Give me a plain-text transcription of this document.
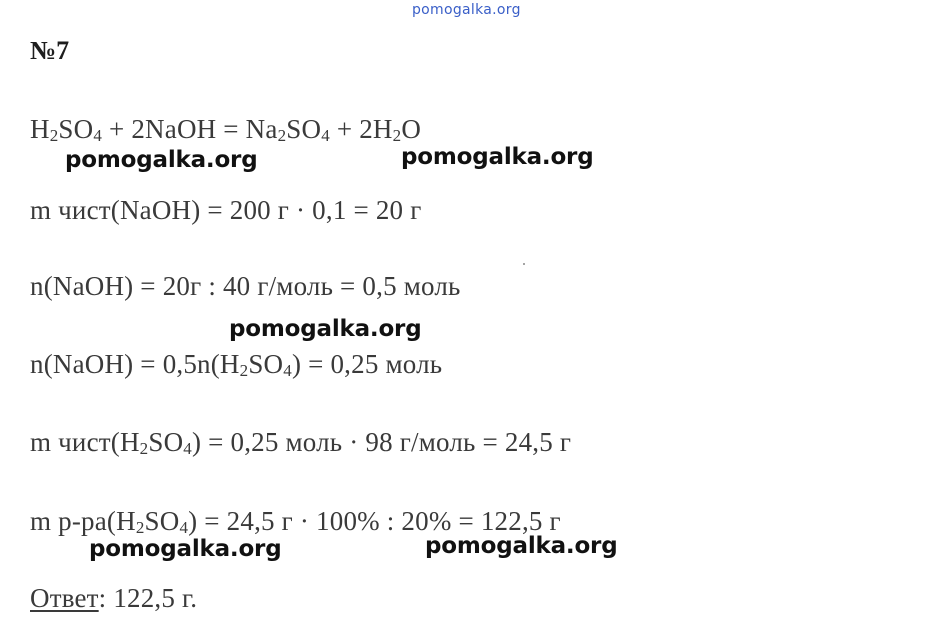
pomogalka.org
№7
$H_2SO_4$ + 2NaOH = $Na_2SO_4 + 2H_2O$
pomogalka.org	pomogalka.org
m чист(NaOH) = 200 г · 0,1 = 20 г
n(NaOH) = 20г : 40 г/моль = 0,5 моль
pomogalka.org
n(NaOH) = $0,5n(H_2SO_4) = 0,25$ моль
m $чист(H_2SO_4) = 0,25$ моль · 98 г/моль = 24,5 г
m $р-ра(H_2SO_4) = 24,5$ г · 100% : 20% = 122,5 г
pomogalka.org	pomogalka.org
Ответ: 122,5 г.
